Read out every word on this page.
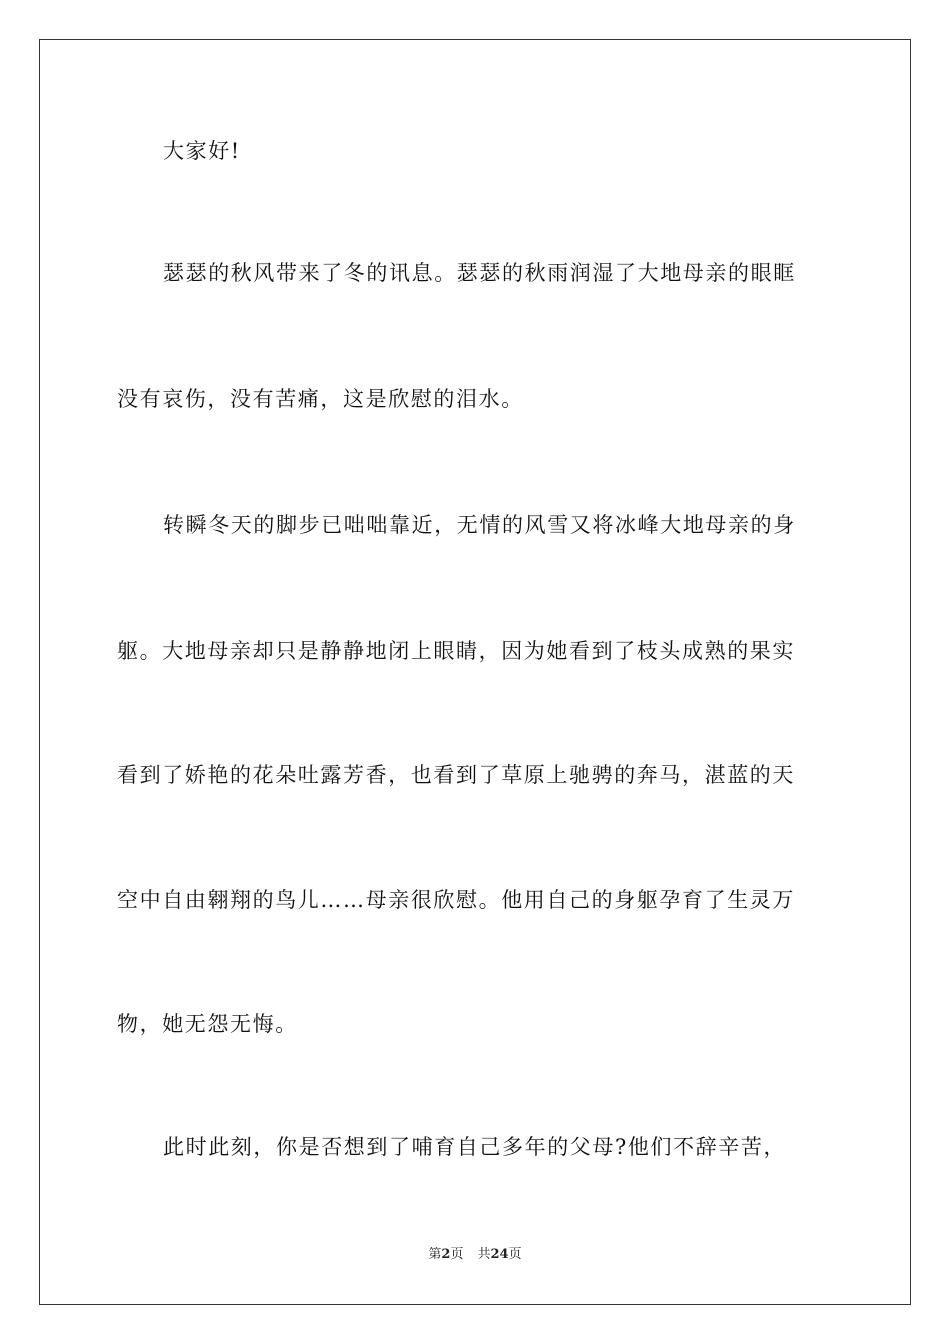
大家好!
瑟瑟的秋风带来了冬的讯息。瑟瑟的秋雨润湿了大地母亲的眼眶
没有哀伤，没有苦痛，这是欣慰的泪水。
转瞬冬天的脚步已咄咄靠近，无情的风雪又将冰峰大地母亲的身
躯。大地母亲却只是静静地闭上眼睛，因为她看到了枝头成熟的果实
看到了娇艳的花朵吐露芳香，也看到了草原上驰骋的奔马，湛蓝的天
空中自由翱翔的鸟儿……母亲很欣慰。他用自己的身躯孕育了生灵万
物，她无怨无悔。
此时此刻，你是否想到了哺育自己多年的父母?他们不辞辛苦，
第2页 共24页
